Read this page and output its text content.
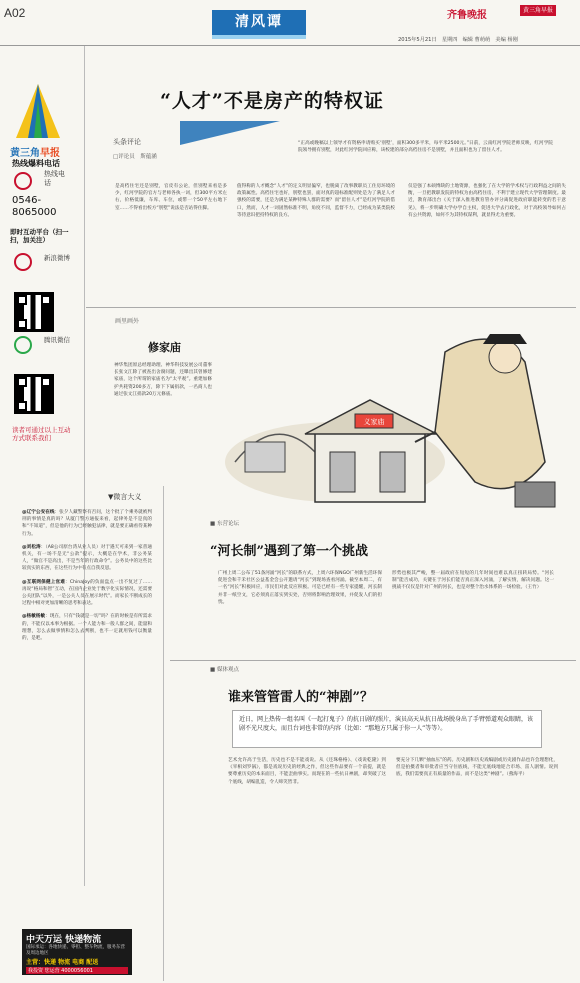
A02
清风谭	齐鲁晚报	黄三角早报
2015年5月21日　星期四　编辑 曹萌萌　美编 杨刚
黄三角早报
热线爆料电话
热线电话
0546-8065000
即时互动平台（扫一扫，加关注）
新浪微博
腾讯微信
读者可通过以上互动方式联系我们
“人才”不是房产的特权证
头条评论
□评论员　斯蕴涵
“正高或晚稿以上领导才有资格申请购买‘别墅’，面积300多平米，每平米2500元。”日前，云南红河学院老师反映，红河学院院领导拥有别墅，对此红河学院回应称，该校建的部分高档住房不是别墅，并且面积也为了留住人才。
是高档住宅还是别墅，官皮有公论，但别墅来看是多少，红河学院的官方与老师各执一词，但300平方米左右，价格低廉，车库、车位，或带一个50平左右地下室……不得看出校方“别墅”说法是否站得住脚。
值得称的人才概念“人才”的定义明显偏窄，也脱离了改事教职员工住房环境的政策属性。高档住宅也好，别墅也罢，面对真的超标准配则处是为了满足人才强校的需要，还是为满足某种特殊人群的需要？而“留住人才”是红河学院的借口，然而，人才一词固然标准不明，角度不同，监督不力，已经成为某类院校等待意识把持特权的良方。
仅是强了本硕博缺的土地资源，也强化了在大学的学术权与行政利益之间的失衡，一旦把教职发院的特权为由高档住房，不利于建立现代大学管理制度。最近，教育部出台《关于深入推进教育管办评分离促进政府职能转变的若干意见》，将一步明确大学办学自主权，促进大学去行政化，对于高校领导如何占有公共资源，如何不为其特权谋利，就显得尤为重要。
画里画外
修家庙
神华集团原总经理助理、神华科技发展公司董事长张文江除了被查出舍腐问题，还曝出其曾修建家庙，这个所谓的家庙名为“太平观”。重建加修护共耗资200多万，除下下属捐款，一名商人也通过张文江捐款20万元修庙。
义家庙
▼微言大义
@辽宁公安在线：张夕人藏警察有否问，这个批了个乘务就被判刑的事情是真的吗？从厦门警方通报来看，起律务是不是真的和“不知道”，但是他的行为已经触犯法律，就是要正确看待某种行为。
@刘松涛：（A8公司原台湾从业人员）对于遇天可来到一家普通机关，有一场不是无“公款”提示，大概是在学术，非公务某人，“做官不是高出，不是当年的行政命令”。公务员中的这些比较真实的东西，在这些行为中有点自我反思。
@互联网保健上官难：ChinaJoy的负面盘点一出不复过了…… 再说“格局和智”互动，在国内企业处于数字化实际情况，还需要公关团队“以外，一是公关人员在展示时代”。而家长不断成长的过程中相对更加清晰的思考和表达。
@杨敏杨敏：现在，只有“钱就是一切”吗？在的时候是有所需求的，不能仅以本事为根据。一个人能力和一般人群之间，能量和理想，怎么去做事情和怎么去判断，也不一定就用钱可以衡量的，是吧。
中天万运 快递物流
国际承运：各地快递、零担、整车物流，服务东营及周边地区
主营：快递 物流 电商 配送
我投资 您运营 4000056001
■ 东营论坛
“河长制”遇到了第一个挑战
广州上周二公布了51条河涌“河长”的联系方式，上周六环保NGO广州新生活环保促进会和千禾社区公益基金会公开邀请“河长”到现场查看河涌。截至本周二，有一名“河长”积极回应，市民们对此反应积极。可是已经有一些专家提醒，河长制并非一纸空文，它必须真正落实到实处，否则将影响治理效果，并促发人们的担忧。
形势也极其严峻，整一届政府在短短的几年时间也难以真正扭转局势。“河长制”能否成功，关键在于河长们能否真正深入河涌，了解实情，解决问题。这一挑战不仅仅是针对广州的河长，也是对整个治水体系的一场检验。（王竹）
■ 媒体观点
谁来管管雷人的“神剧”？
近日，网上热传一组名叫《一起打鬼子》的抗日剧的照片，演员高天从抗日战场脱身出了手臂弹道观众眼睛，该剧不光尺度大，而且台词也非常的内容（比如：“那地方只属于你一人”等等）。
艺术允许高于生活，历史也不是不能戏说。从《还珠格格》、《戏说乾隆》到《宰相刘罗锅》，都是戏说历史的经典之作，但这些作品要有一个前提，就是要尊重历史的本来面目，不能歪曲事实。而现在的一些抗日神剧，却突破了这个底线，胡编乱造，令人啼笑皆非。
要充分下几颗“抽血压”的药。历史剧和历史戏编剧或历史剧作品也许会理想化，但是拍摄者和审批者应当守住底线，不能无底线地迎合市场、雷人剧情。说到底，我们需要真正有质量的作品，而不是这类“神剧”。（燕海平）
